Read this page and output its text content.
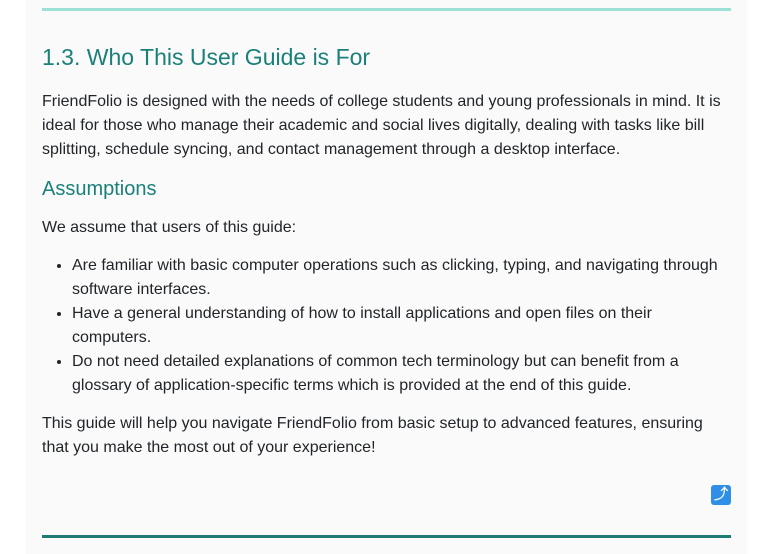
1.3. Who This User Guide is For

FriendFolio is designed with the needs of college students and young professionals in mind. It is ideal for those who manage their academic and social lives digitally, dealing with tasks like bill splitting, schedule syncing, and contact management through a desktop interface.

Assumptions

We assume that users of this guide:

• Are familiar with basic computer operations such as clicking, typing, and navigating through software interfaces.
• Have a general understanding of how to install applications and open files on their computers.
• Do not need detailed explanations of common tech terminology but can benefit from a glossary of application-specific terms which is provided at the end of this guide.

This guide will help you navigate FriendFolio from basic setup to advanced features, ensuring that you make the most out of your experience!

⤴
